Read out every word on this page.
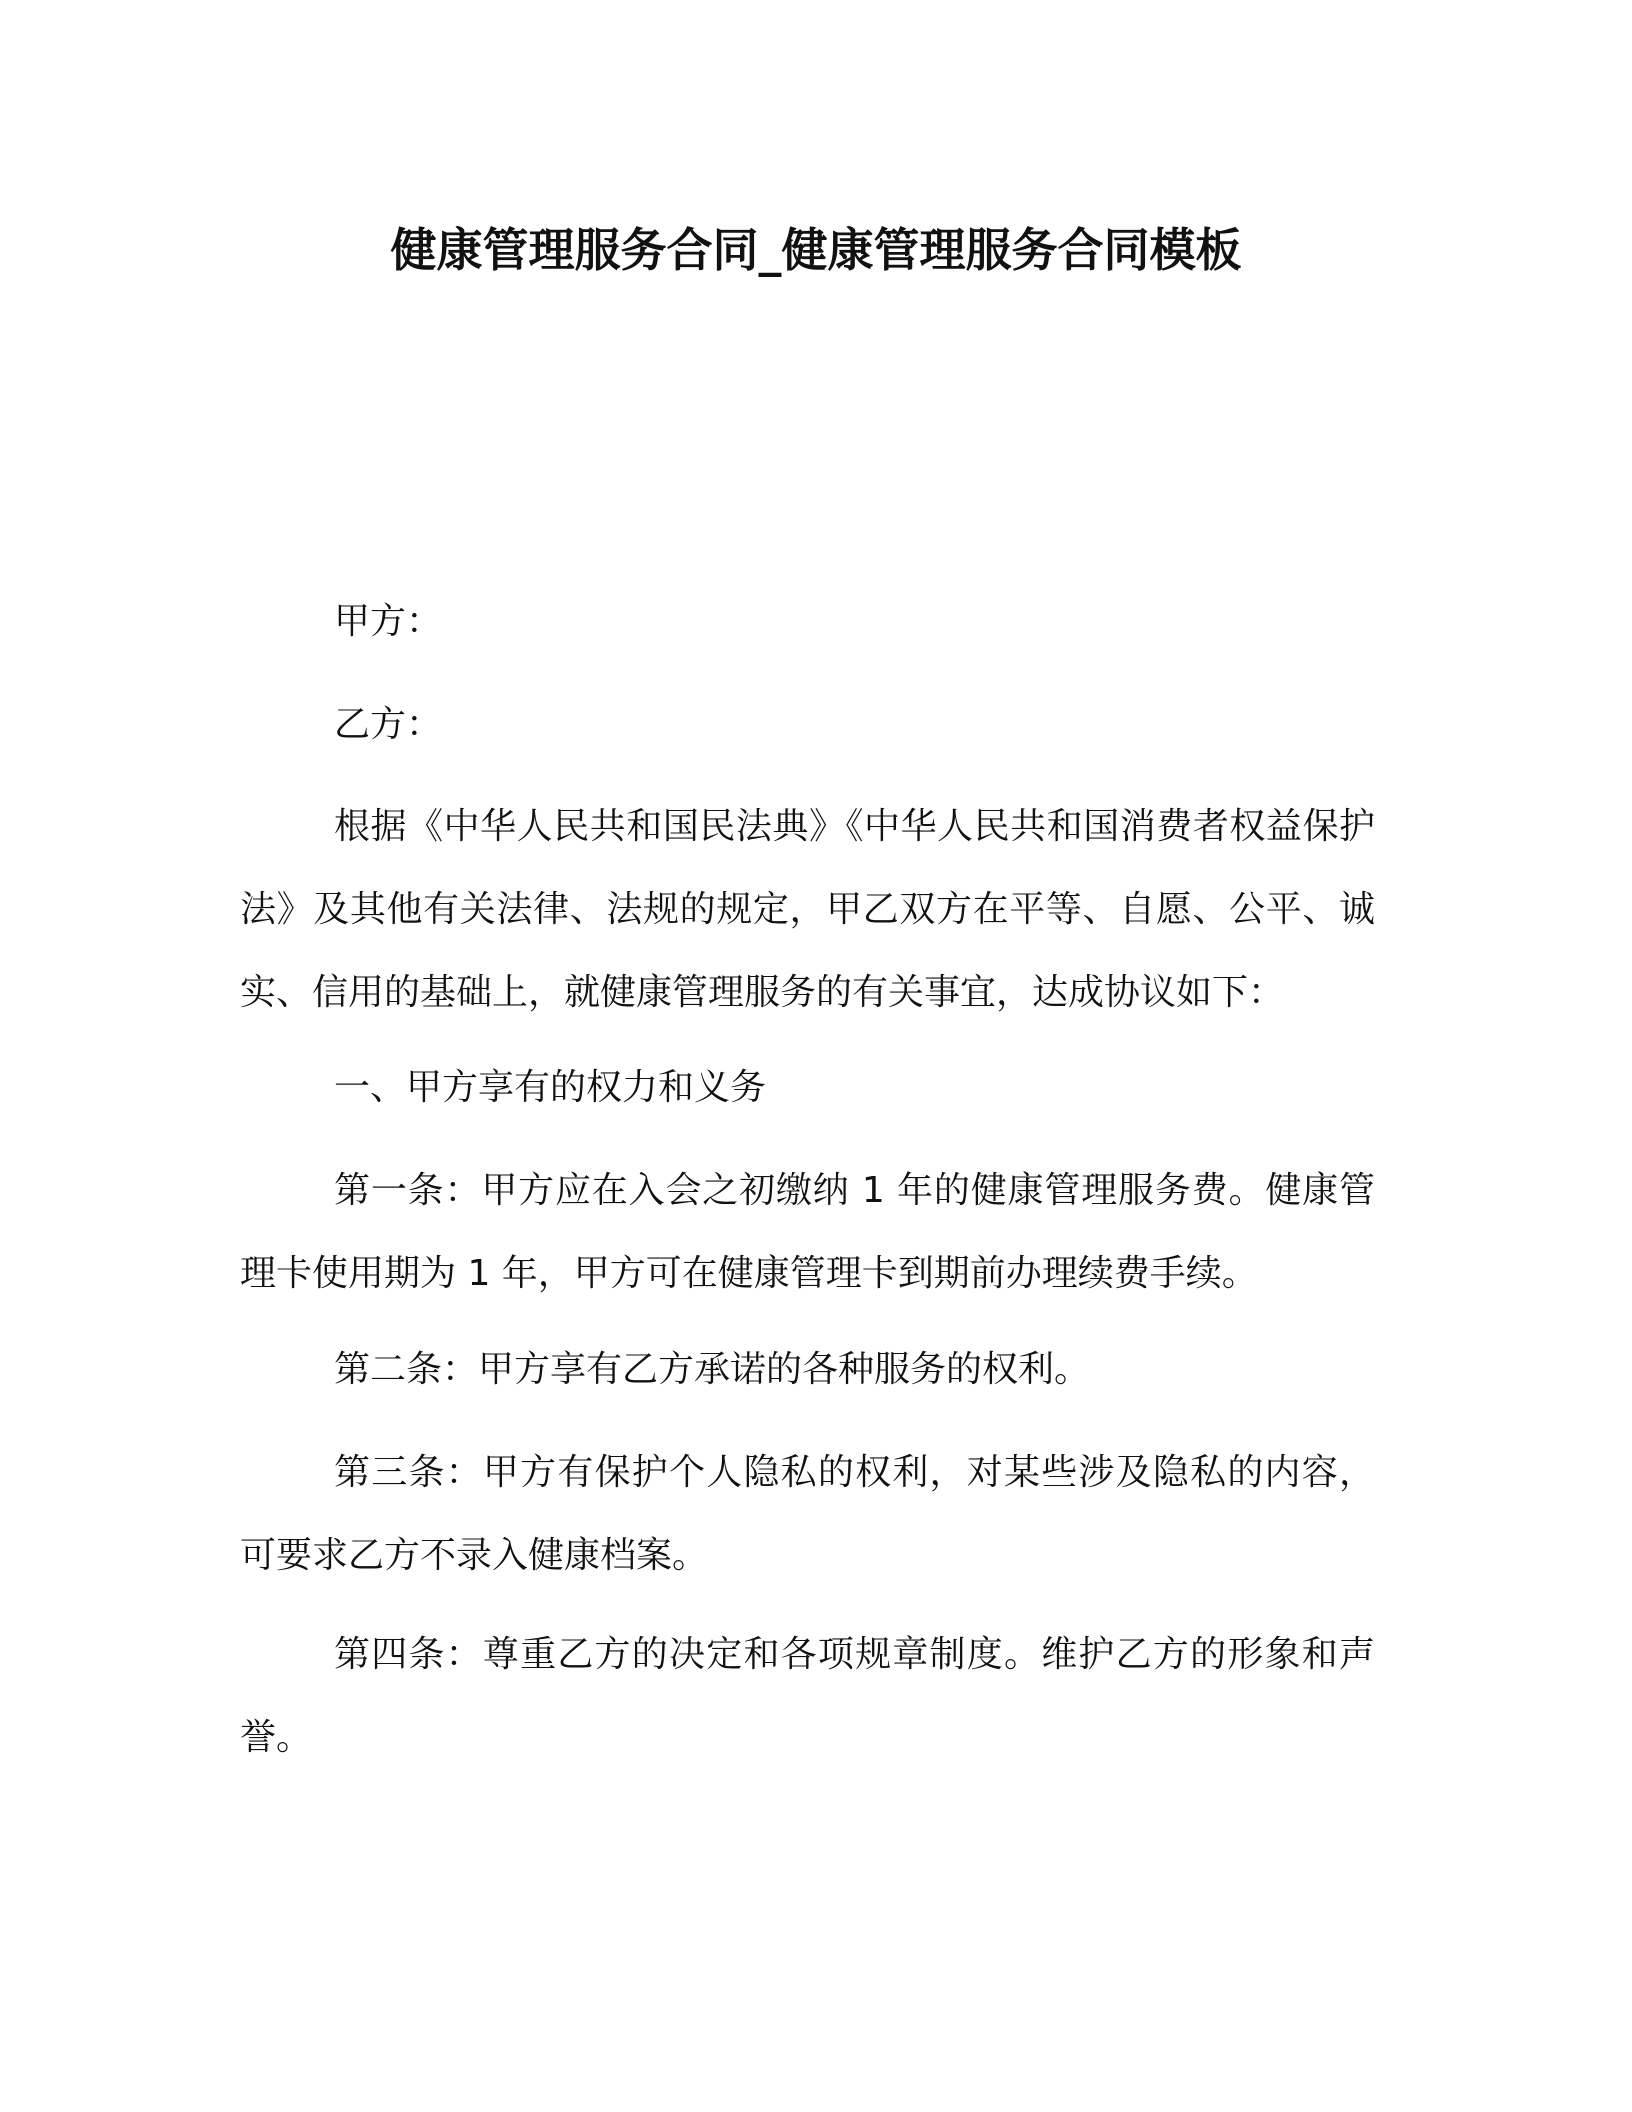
健康管理服务合同_健康管理服务合同模板

甲方：

乙方：

根据《中华人民共和国民法典》《中华人民共和国消费者权益保护法》及其他有关法律、法规的规定，甲乙双方在平等、自愿、公平、诚实、信用的基础上，就健康管理服务的有关事宜，达成协议如下：

一、甲方享有的权力和义务

第一条：甲方应在入会之初缴纳 1 年的健康管理服务费。健康管理卡使用期为 1 年，甲方可在健康管理卡到期前办理续费手续。

第二条：甲方享有乙方承诺的各种服务的权利。

第三条：甲方有保护个人隐私的权利，对某些涉及隐私的内容，可要求乙方不录入健康档案。

第四条：尊重乙方的决定和各项规章制度。维护乙方的形象和声誉。
